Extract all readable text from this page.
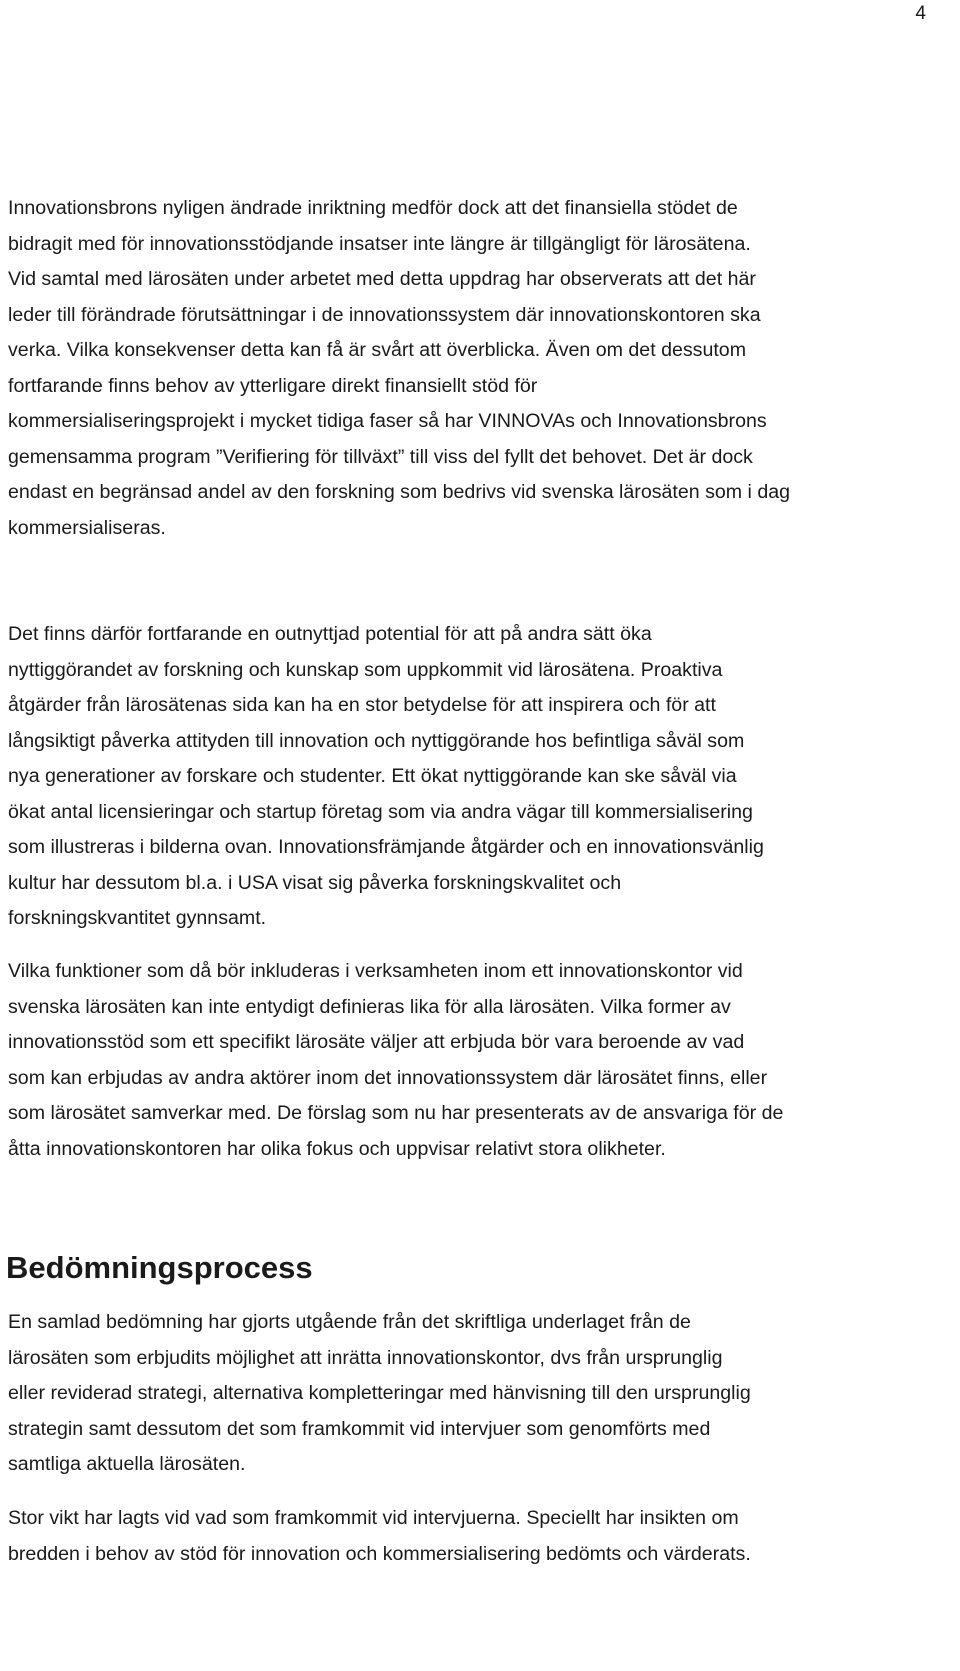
4

Innovationsbrons nyligen ändrade inriktning medför dock att det finansiella stödet de
bidragit med för innovationsstödjande insatser inte längre är tillgängligt för lärosätena.
Vid samtal med lärosäten under arbetet med detta uppdrag har observerats att det här
leder till förändrade förutsättningar i de innovationssystem där innovationskontoren ska
verka. Vilka konsekvenser detta kan få är svårt att överblicka. Även om det dessutom
fortfarande finns behov av ytterligare direkt finansiellt stöd för
kommersialiseringsprojekt i mycket tidiga faser så har VINNOVAs och Innovationsbrons
gemensamma program ”Verifiering för tillväxt” till viss del fyllt det behovet. Det är dock
endast en begränsad andel av den forskning som bedrivs vid svenska lärosäten som i dag
kommersialiseras.

Det finns därför fortfarande en outnyttjad potential för att på andra sätt öka
nyttiggörandet av forskning och kunskap som uppkommit vid lärosätena. Proaktiva
åtgärder från lärosätenas sida kan ha en stor betydelse för att inspirera och för att
långsiktigt påverka attityden till innovation och nyttiggörande hos befintliga såväl som
nya generationer av forskare och studenter. Ett ökat nyttiggörande kan ske såväl via
ökat antal licensieringar och startup företag som via andra vägar till kommersialisering
som illustreras i bilderna ovan. Innovationsfrämjande åtgärder och en innovationsvänlig
kultur har dessutom bl.a. i USA visat sig påverka forskningskvalitet och
forskningskvantitet gynnsamt.

Vilka funktioner som då bör inkluderas i verksamheten inom ett innovationskontor vid
svenska lärosäten kan inte entydigt definieras lika för alla lärosäten. Vilka former av
innovationsstöd som ett specifikt lärosäte väljer att erbjuda bör vara beroende av vad
som kan erbjudas av andra aktörer inom det innovationssystem där lärosätet finns, eller
som lärosätet samverkar med. De förslag som nu har presenterats av de ansvariga för de
åtta innovationskontoren har olika fokus och uppvisar relativt stora olikheter.

Bedömningsprocess

En samlad bedömning har gjorts utgående från det skriftliga underlaget från de
lärosäten som erbjudits möjlighet att inrätta innovationskontor, dvs från ursprunglig
eller reviderad strategi, alternativa kompletteringar med hänvisning till den ursprunglig
strategin samt dessutom det som framkommit vid intervjuer som genomförts med
samtliga aktuella lärosäten.

Stor vikt har lagts vid vad som framkommit vid intervjuerna. Speciellt har insikten om
bredden i behov av stöd för innovation och kommersialisering bedömts och värderats.
